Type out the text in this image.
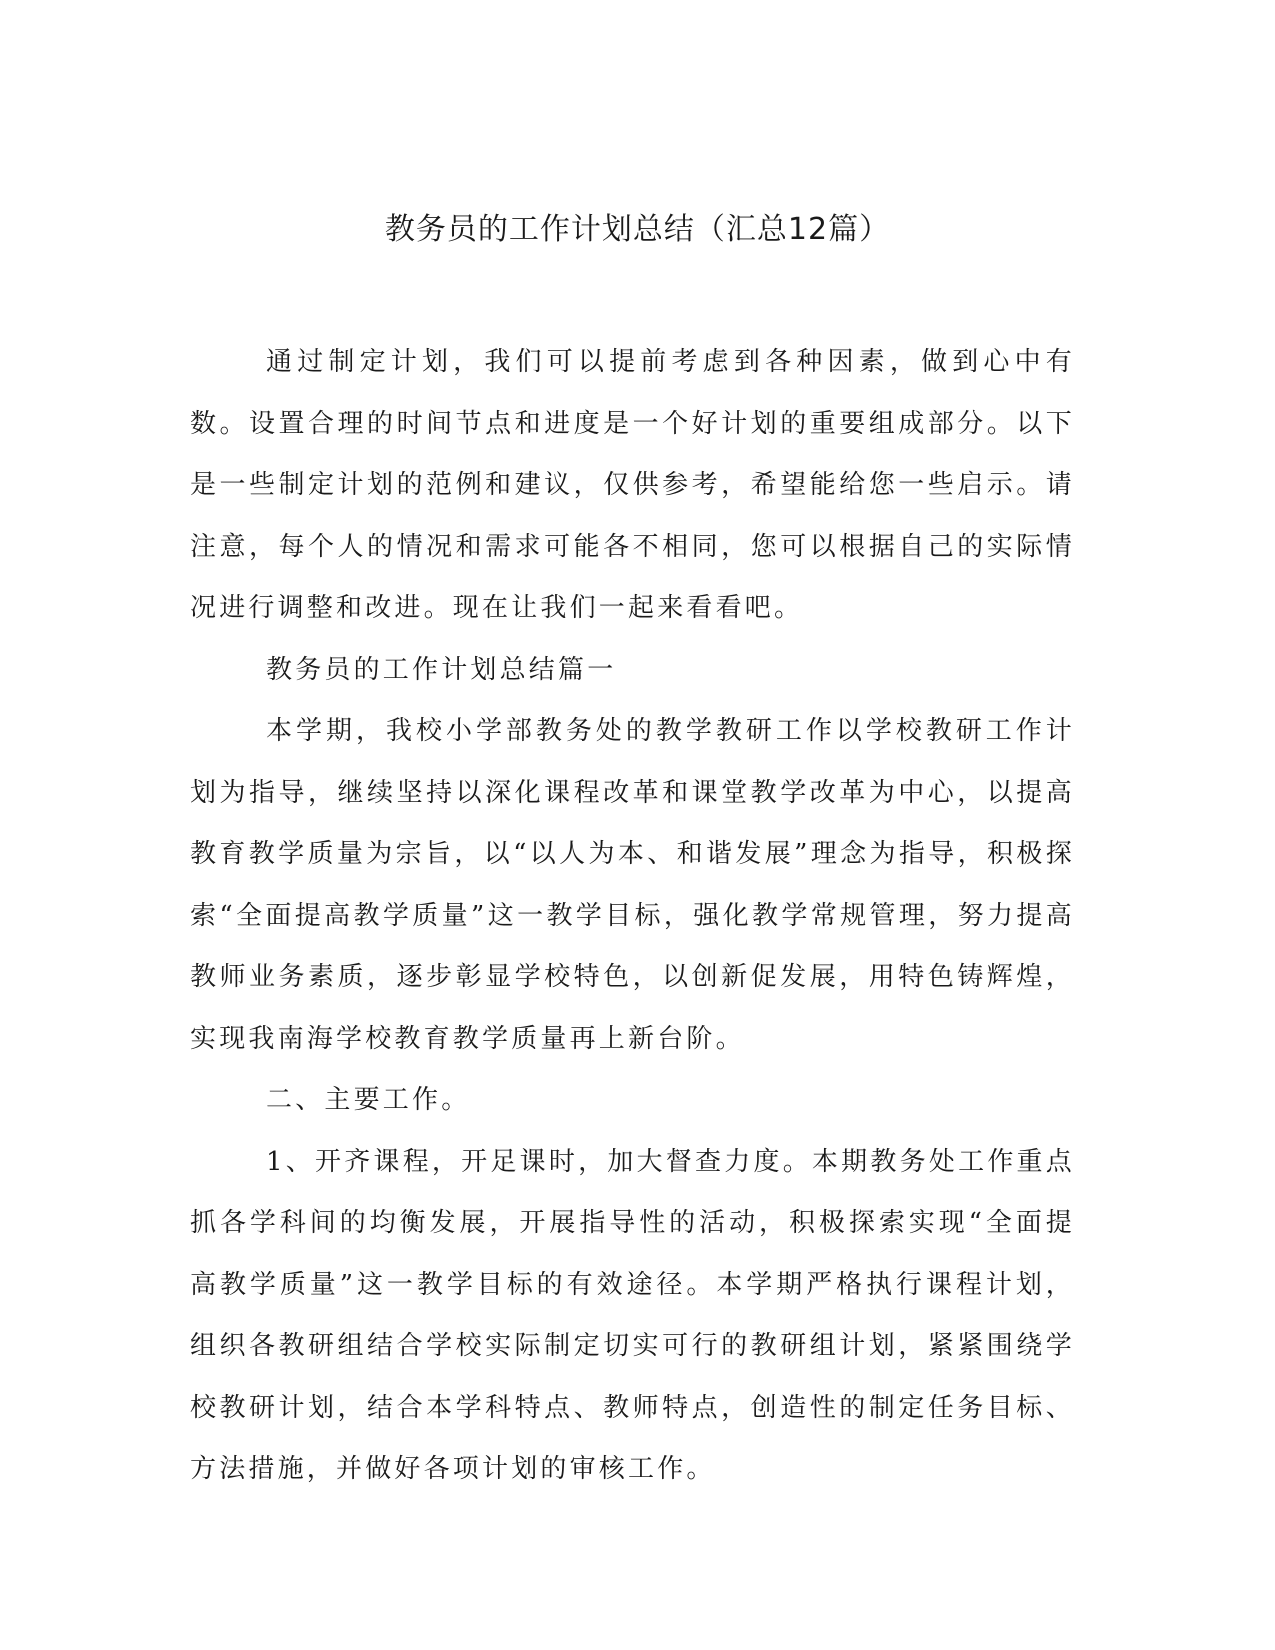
教务员的工作计划总结（汇总12篇）

通过制定计划，我们可以提前考虑到各种因素，做到心中有数。设置合理的时间节点和进度是一个好计划的重要组成部分。以下是一些制定计划的范例和建议，仅供参考，希望能给您一些启示。请注意，每个人的情况和需求可能各不相同，您可以根据自己的实际情况进行调整和改进。现在让我们一起来看看吧。

教务员的工作计划总结篇一

本学期，我校小学部教务处的教学教研工作以学校教研工作计划为指导，继续坚持以深化课程改革和课堂教学改革为中心，以提高教育教学质量为宗旨，以“以人为本、和谐发展”理念为指导，积极探索“全面提高教学质量”这一教学目标，强化教学常规管理，努力提高教师业务素质，逐步彰显学校特色，以创新促发展，用特色铸辉煌，实现我南海学校教育教学质量再上新台阶。

二、主要工作。

1、开齐课程，开足课时，加大督查力度。本期教务处工作重点抓各学科间的均衡发展，开展指导性的活动，积极探索实现“全面提高教学质量”这一教学目标的有效途径。本学期严格执行课程计划，组织各教研组结合学校实际制定切实可行的教研组计划，紧紧围绕学校教研计划，结合本学科特点、教师特点，创造性的制定任务目标、方法措施，并做好各项计划的审核工作。
